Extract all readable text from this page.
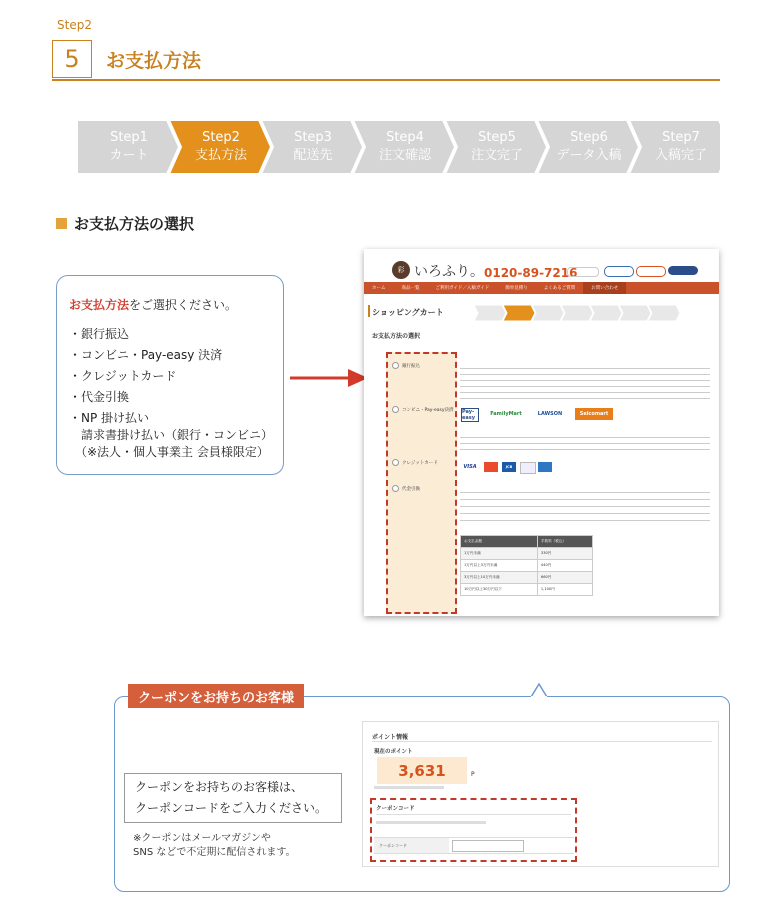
Step2
5	お支払方法
Step1
カート
Step2
支払方法
Step3
配送先
Step4
注文確認
Step5
注文完了
Step6
データ入稿
Step7
入稿完了
お支払方法の選択
お支払方法をご選択ください。
・銀行振込
・コンビニ・Pay-easy 決済
・クレジットカード
・代金引換
・NP 掛け払い
請求書掛け払い（銀行・コンビニ）
（※法人・個人事業主 会員様限定）
彩 いろふり。 0120-89-7216
ホーム	商品一覧	ご利用ガイド／入稿ガイド	簡単見積り	よくあるご質問	お問い合わせ
ショッピングカート
お支払方法の選択
銀行振込
コンビニ・Pay-easy決済
クレジットカード
代金引換
Pay-easy
FamilyMart	LAWSON	Seicomart
VISA	JCB
お支払金額	手数料（税込）
1万円未満	330円
1万円以上3万円未満	440円
3万円以上10万円未満	660円
10万円以上30万円以下	1,100円
クーポンをお持ちのお客様
クーポンをお持ちのお客様は、
クーポンコードをご入力ください。
※クーポンはメールマガジンや
SNS などで不定期に配信されます。
ポイント情報
現在のポイント
3,631	P
クーポンコード
クーポンコード
